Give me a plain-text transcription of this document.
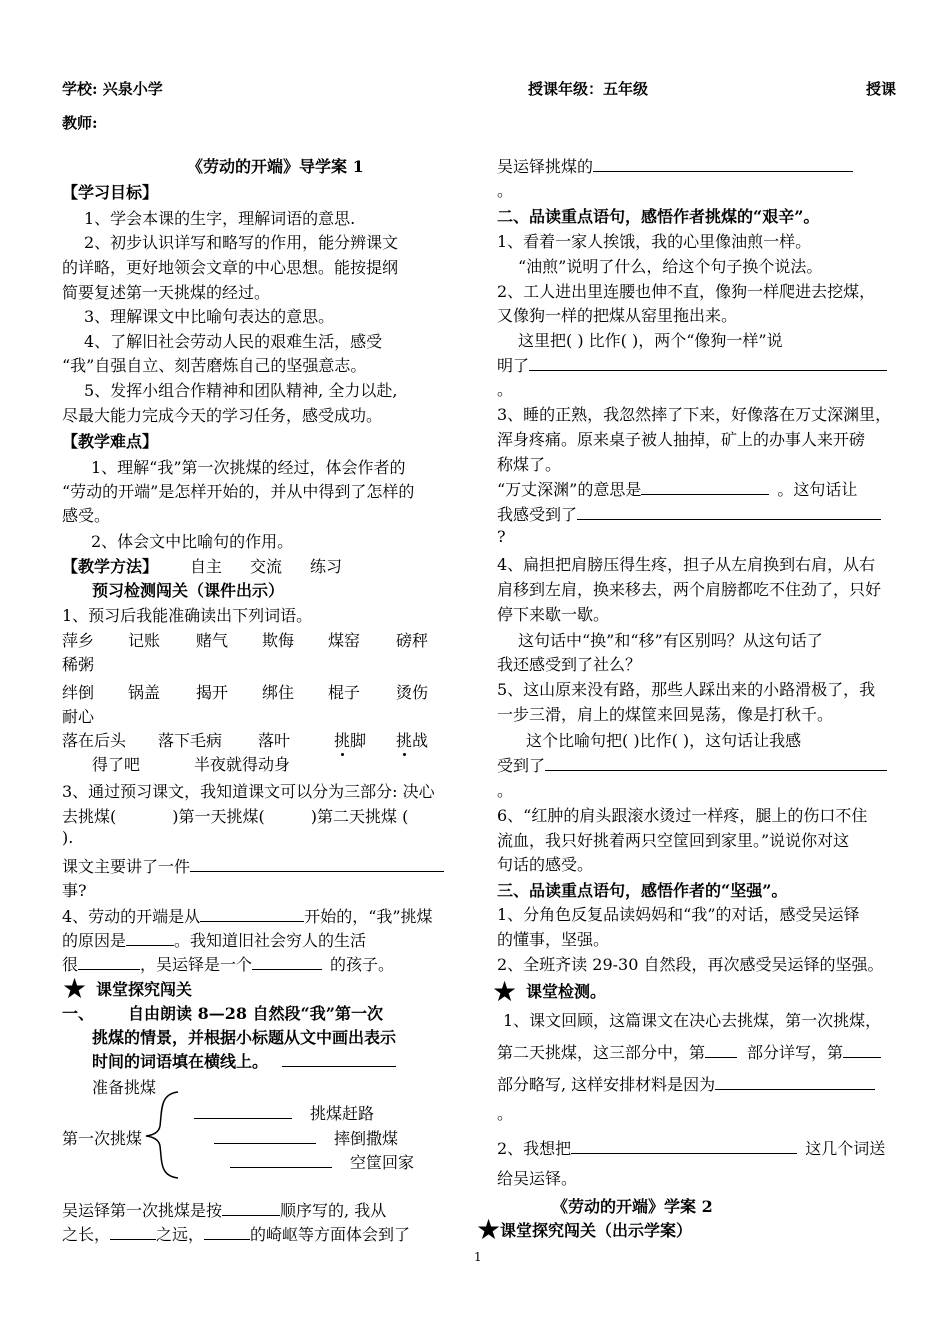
学校: 兴泉小学	授课年级：五年级	授课
教师:
《劳动的开端》导学案 1
【学习目标】
1、学会本课的生字，理解词语的意思.
2、初步认识详写和略写的作用，能分辨课文
的详略，更好地领会文章的中心思想。能按提纲
简要复述第一天挑煤的经过。
3、理解课文中比喻句表达的意思。
4、了解旧社会劳动人民的艰难生活，感受
“我”自强自立、刻苦磨炼自己的坚强意志。
5、发挥小组合作精神和团队精神, 全力以赴,
尽最大能力完成今天的学习任务，感受成功。
【教学难点】
1、理解“我”第一次挑煤的经过，体会作者的
“劳动的开端”是怎样开始的，并从中得到了怎样的
感受。
2、体会文中比喻句的作用。
【教学方法】 自主 交流 练习
预习检测闯关（课件出示）
1、预习后我能准确读出下列词语。
萍乡 记账 赌气 欺侮 煤窑 磅秤
稀粥
绊倒 锅盖 揭开 绑住 棍子 烫伤
耐心
落在后头 落下毛病 落叶	挑脚 挑战
得了吧	半夜就得动身
3、通过预习课文，我知道课文可以分为三部分: 决心
去挑煤(	)第一天挑煤(	)第二天挑煤 (
).
课文主要讲了一件
事?
4、劳动的开端是从	开始的，“我”挑煤
的原因是	。我知道旧社会穷人的生活
很	，吴运铎是一个	的孩子。
★ 课堂探究闯关
一、 自由朗读 8—28 自然段“我”第一次
挑煤的情景，并根据小标题从文中画出表示
时间的词语填在横线上。
准备挑煤
第一次挑煤
挑煤赶路
摔倒撒煤
空筐回家
吴运铎第一次挑煤是按	顺序写的, 我从
之长，	之远，	的崎岖等方面体会到了
吴运铎挑煤的
。
二、品读重点语句，感悟作者挑煤的“艰辛”。
1、看着一家人挨饿，我的心里像油煎一样。
“油煎”说明了什么，给这个句子换个说法。
2、工人进出里连腰也伸不直，像狗一样爬进去挖煤，
又像狗一样的把煤从窑里拖出来。
这里把( ) 比作( )，两个“像狗一样”说
明了
。
3、睡的正熟，我忽然摔了下来，好像落在万丈深渊里，
浑身疼痛。原来桌子被人抽掉，矿上的办事人来开磅
称煤了。
“万丈深渊”的意思是	。这句话让
我感受到了
?
4、扁担把肩膀压得生疼，担子从左肩换到右肩，从右
肩移到左肩，换来移去，两个肩膀都吃不住劲了，只好
停下来歇一歇。
这句话中“换”和“移”有区别吗？从这句话了
我还感受到了社么？
5、这山原来没有路，那些人踩出来的小路滑极了，我
一步三滑，肩上的煤筐来回晃荡，像是打秋千。
这个比喻句把( )比作( )，这句话让我感
受到了
。
6、“红肿的肩头跟滚水烫过一样疼，腿上的伤口不住
流血，我只好挑着两只空筐回到家里。”说说你对这
句话的感受。
三、品读重点语句，感悟作者的“坚强”。
1、分角色反复品读妈妈和“我”的对话，感受吴运铎
的懂事，坚强。
2、全班齐读 29-30 自然段，再次感受吴运铎的坚强。
★ 课堂检测。
1、课文回顾，这篇课文在决心去挑煤，第一次挑煤，
第二天挑煤，这三部分中，第	部分详写，第
部分略写, 这样安排材料是因为
。
2、我想把	这几个词送
给吴运铎。
《劳动的开端》学案 2
★
课堂探究闯关（出示学案）
1
